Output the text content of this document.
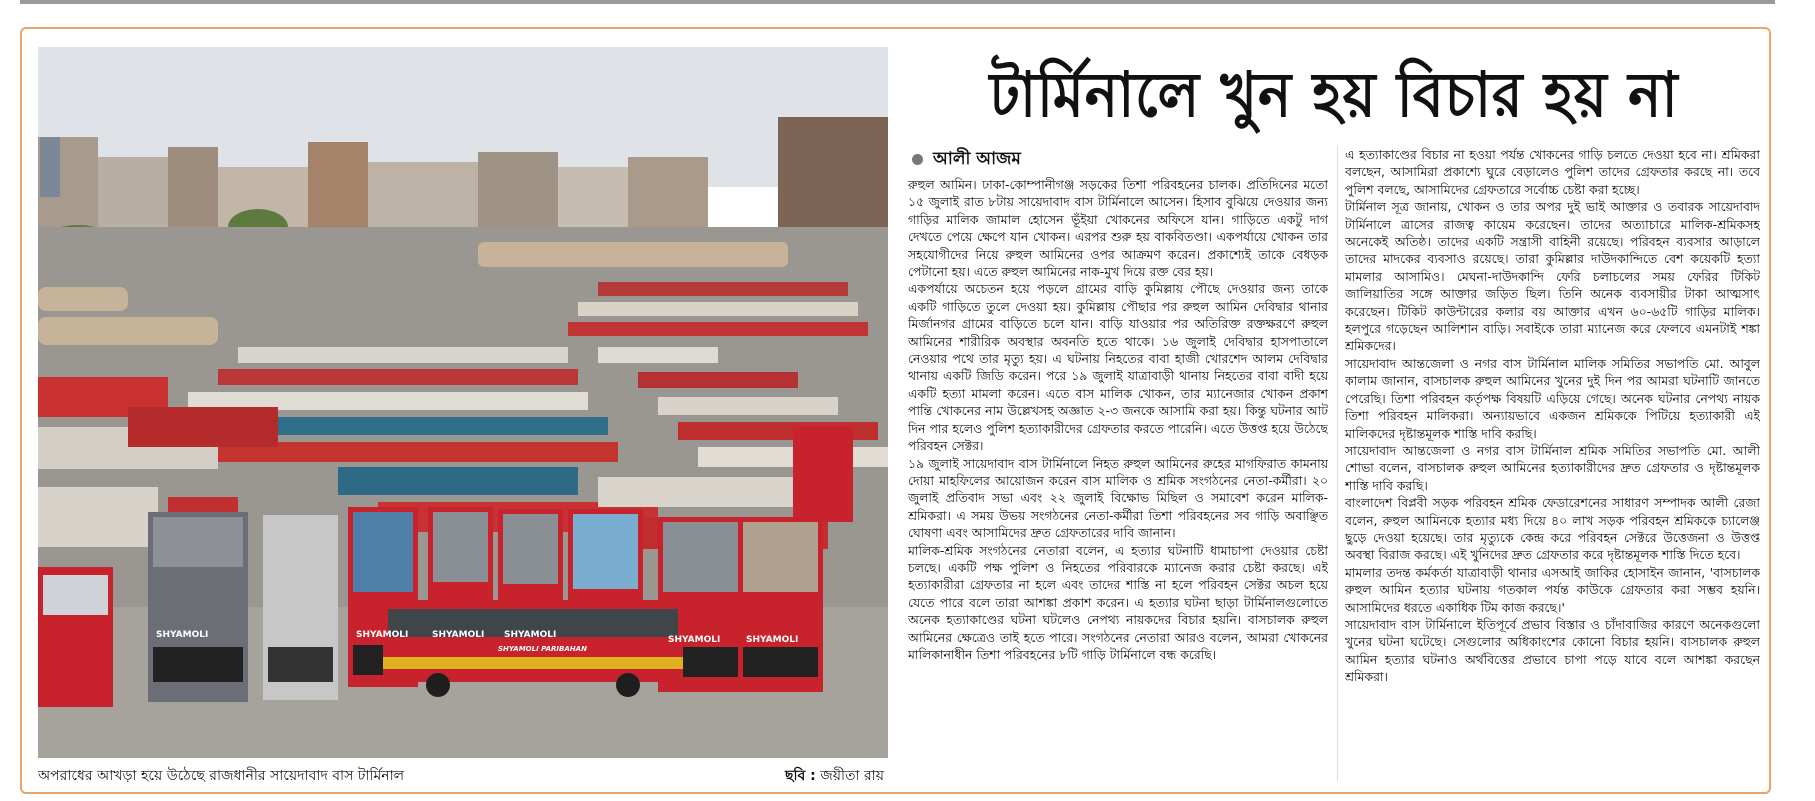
SHYAMOLI	SHYAMOLI	SHYAMOLI SHYAMOLI	SHYAMOLI	SHYAMOLI
SHYAMOLI PARIBAHAN
অপরাধের আখড়া হয়ে উঠেছে রাজধানীর সায়েদাবাদ বাস টার্মিনাল	ছবি : জয়ীতা রায়
টার্মিনালে খুন হয় বিচার হয় না
আলী আজম

রুহুল আমিন। ঢাকা-কোম্পানীগঞ্জ সড়কের তিশা পরিবহনের চালক। প্রতিদিনের মতো ১৫ জুলাই রাত ৮টায় সায়েদাবাদ বাস টার্মিনালে আসেন। হিসাব বুঝিয়ে দেওয়ার জন্য গাড়ির মালিক জামাল হোসেন ভূঁইয়া খোকনের অফিসে যান। গাড়িতে একটু দাগ দেখতে পেয়ে ক্ষেপে যান খোকন। এরপর শুরু হয় বাকবিতণ্ডা। একপর্যায়ে খোকন তার সহযোগীদের নিয়ে রুহুল আমিনের ওপর আক্রমণ করেন। প্রকাশ্যেই তাকে বেধড়ক পেটানো হয়। এতে রুহুল আমিনের নাক-মুখ দিয়ে রক্ত বের হয়।

একপর্যায়ে অচেতন হয়ে পড়লে গ্রামের বাড়ি কুমিল্লায় পৌছে দেওয়ার জন্য তাকে একটি গাড়িতে তুলে দেওয়া হয়। কুমিল্লায় পৌছার পর রুহুল আমিন দেবিদ্বার থানার মির্জানগর গ্রামের বাড়িতে চলে যান। বাড়ি যাওয়ার পর অতিরিক্ত রক্তক্ষরণে রুহুল আমিনের শারীরিক অবস্থার অবনতি হতে থাকে। ১৬ জুলাই দেবিদ্বার হাসপাতালে নেওয়ার পথে তার মৃত্যু হয়। এ ঘটনায় নিহতের বাবা হাজী খোরশেদ আলম দেবিদ্বার থানায় একটি জিডি করেন। পরে ১৯ জুলাই যাত্রাবাড়ী থানায় নিহতের বাবা বাদী হয়ে একটি হত্যা মামলা করেন। এতে বাস মালিক খোকন, তার ম্যানেজার খোকন প্রকাশ পান্তি খোকনের নাম উল্লেখসহ অজ্ঞাত ২-৩ জনকে আসামি করা হয়। কিন্তু ঘটনার আট দিন পার হলেও পুলিশ হত্যাকারীদের গ্রেফতার করতে পারেনি। এতে উত্তপ্ত হয়ে উঠেছে পরিবহন সেক্টর।

১৯ জুলাই সায়েদাবাদ বাস টার্মিনালে নিহত রুহুল আমিনের রুহের মাগফিরাত কামনায় দোয়া মাহফিলের আয়োজন করেন বাস মালিক ও শ্রমিক সংগঠনের নেতা-কর্মীরা। ২০ জুলাই প্রতিবাদ সভা এবং ২২ জুলাই বিক্ষোভ মিছিল ও সমাবেশ করেন মালিক-শ্রমিকরা। এ সময় উভয় সংগঠনের নেতা-কর্মীরা তিশা পরিবহনের সব গাড়ি অবাঞ্ছিত ঘোষণা এবং আসামিদের দ্রুত গ্রেফতারের দাবি জানান।

মালিক-শ্রমিক সংগঠনের নেতারা বলেন, এ হত্যার ঘটনাটি ধামাচাপা দেওয়ার চেষ্টা চলছে। একটি পক্ষ পুলিশ ও নিহতের পরিবারকে ম্যানেজ করার চেষ্টা করছে। এই হত্যাকারীরা গ্রেফতার না হলে এবং তাদের শাস্তি না হলে পরিবহন সেক্টর অচল হয়ে যেতে পারে বলে তারা আশঙ্কা প্রকাশ করেন। এ হত্যার ঘটনা ছাড়া টার্মিনালগুলোতে অনেক হত্যাকাণ্ডের ঘটনা ঘটলেও নেপথ্য নায়কদের বিচার হয়নি। বাসচালক রুহুল আমিনের ক্ষেত্রেও তাই হতে পারে। সংগঠনের নেতারা আরও বলেন, আমরা খোকনের মালিকানাধীন তিশা পরিবহনের ৮টি গাড়ি টার্মিনালে বন্ধ করেছি।

এ হত্যাকাণ্ডের বিচার না হওয়া পর্যন্ত খোকনের গাড়ি চলতে দেওয়া হবে না। শ্রমিকরা বলছেন, আসামিরা প্রকাশ্যে ঘুরে বেড়ালেও পুলিশ তাদের গ্রেফতার করছে না। তবে পুলিশ বলছে, আসামিদের গ্রেফতারে সর্বোচ্চ চেষ্টা করা হচ্ছে।

টার্মিনাল সূত্র জানায়, খোকন ও তার অপর দুই ভাই আক্তার ও তবারক সায়েদাবাদ টার্মিনালে ত্রাসের রাজত্ব কায়েম করেছেন। তাদের অত্যাচারে মালিক-শ্রমিকসহ অনেকেই অতিষ্ঠ। তাদের একটি সন্ত্রাসী বাহিনী রয়েছে। পরিবহন ব্যবসার আড়ালে তাদের মাদকের ব্যবসাও রয়েছে। তারা কুমিল্লার দাউদকান্দিতে বেশ কয়েকটি হত্যা মামলার আসামিও। মেঘনা-দাউদকান্দি ফেরি চলাচলের সময় ফেরির টিকিট জালিয়াতির সঙ্গে আক্তার জড়িত ছিল। তিনি অনেক ব্যবসায়ীর টাকা আত্মসাৎ করেছেন। টিকিট কাউন্টারের কলার বয় আক্তার এখন ৬০-৬৫টি গাড়ির মালিক। হলপুরে গড়েছেন আলিশান বাড়ি। সবাইকে তারা ম্যানেজ করে ফেলবে এমনটাই শঙ্কা শ্রমিকদের।

সায়েদাবাদ আন্তজেলা ও নগর বাস টার্মিনাল মালিক সমিতির সভাপতি মো. আবুল কালাম জানান, বাসচালক রুহুল আমিনের খুনের দুই দিন পর আমরা ঘটনাটি জানতে পেরেছি। তিশা পরিবহন কর্তৃপক্ষ বিষয়টি এড়িয়ে গেছে। অনেক ঘটনার নেপথ্য নায়ক তিশা পরিবহন মালিকরা। অন্যায়ভাবে একজন শ্রমিককে পিটিয়ে হত্যাকারী এই মালিকদের দৃষ্টান্তমূলক শাস্তি দাবি করছি।

সায়েদাবাদ আন্তজেলা ও নগর বাস টার্মিনাল শ্রমিক সমিতির সভাপতি মো. আলী শোভা বলেন, বাসচালক রুহুল আমিনের হত্যাকারীদের দ্রুত গ্রেফতার ও দৃষ্টান্তমূলক শাস্তি দাবি করছি।

বাংলাদেশ বিপ্লবী সড়ক পরিবহন শ্রমিক ফেডারেশনের সাধারণ সম্পাদক আলী রেজা বলেন, রুহুল আমিনকে হত্যার মধ্য দিয়ে ৪০ লাখ সড়ক পরিবহন শ্রমিককে চ্যালেঞ্জ ছুড়ে দেওয়া হয়েছে। তার মৃত্যুকে কেন্দ্র করে পরিবহন সেক্টরে উত্তেজনা ও উত্তপ্ত অবস্থা বিরাজ করছে। এই খুনিদের দ্রুত গ্রেফতার করে দৃষ্টান্তমূলক শাস্তি দিতে হবে।

মামলার তদন্ত কর্মকর্তা যাত্রাবাড়ী থানার এসআই জাকির হোসাইন জানান, 'বাসচালক রুহুল আমিন হত্যার ঘটনায় গতকাল পর্যন্ত কাউকে গ্রেফতার করা সম্ভব হয়নি। আসামিদের ধরতে একাধিক টিম কাজ করছে।'

সায়েদাবাদ বাস টার্মিনালে ইতিপূর্বে প্রভাব বিস্তার ও চাঁদাবাজির কারণে অনেকগুলো খুনের ঘটনা ঘটেছে। সেগুলোর অধিকাংশের কোনো বিচার হয়নি। বাসচালক রুহুল আমিন হত্যার ঘটনাও অর্থবিত্তের প্রভাবে চাপা পড়ে যাবে বলে আশঙ্কা করছেন শ্রমিকরা।
